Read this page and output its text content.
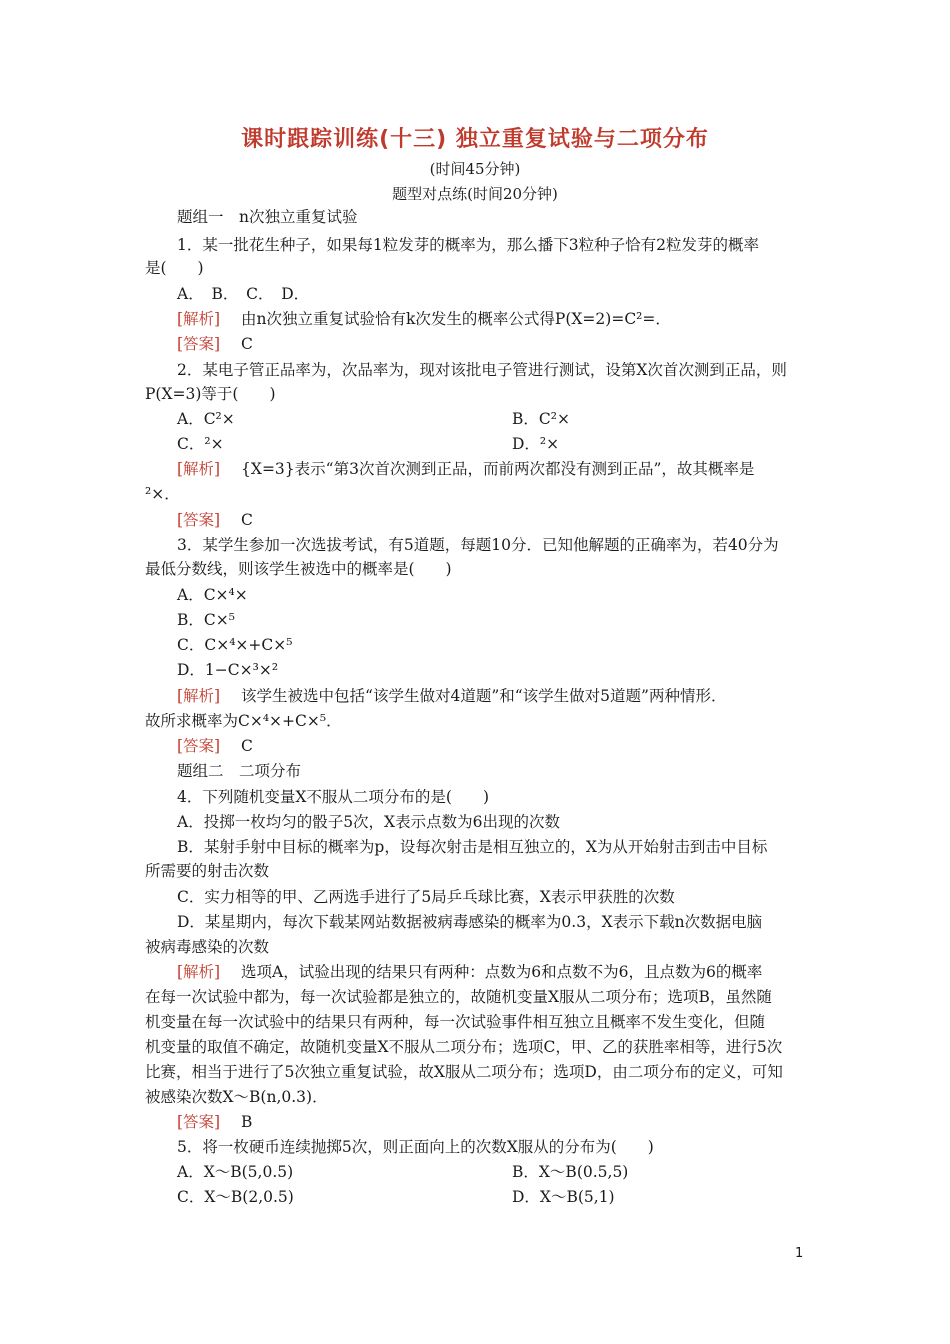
课时跟踪训练(十三) 独立重复试验与二项分布
(时间45分钟)
题型对点练(时间20分钟)
题组一　n次独立重复试验
1．某一批花生种子，如果每1粒发芽的概率为，那么播下3粒种子恰有2粒发芽的概率
是(　　)
A．　B．　C．　D．
[解析] 由n次独立重复试验恰有k次发生的概率公式得P(X=2)=C²=．
[答案] C
2．某电子管正品率为，次品率为，现对该批电子管进行测试，设第X次首次测到正品，则
P(X=3)等于(　　)
A．C²×	B．C²×
C．²×	D．²×
[解析] {X=3}表示“第3次首次测到正品，而前两次都没有测到正品”，故其概率是
²×．
[答案] C
3．某学生参加一次选拔考试，有5道题，每题10分．已知他解题的正确率为，若40分为
最低分数线，则该学生被选中的概率是(　　)
A．C×⁴×
B．C×⁵
C．C×⁴×+C×⁵
D．1−C×³×²
[解析] 该学生被选中包括“该学生做对4道题”和“该学生做对5道题”两种情形．
故所求概率为C×⁴×+C×⁵．
[答案] C
题组二　二项分布
4．下列随机变量X不服从二项分布的是(　　)
A．投掷一枚均匀的骰子5次，X表示点数为6出现的次数
B．某射手射中目标的概率为p，设每次射击是相互独立的，X为从开始射击到击中目标
所需要的射击次数
C．实力相等的甲、乙两选手进行了5局乒乓球比赛，X表示甲获胜的次数
D．某星期内，每次下载某网站数据被病毒感染的概率为0.3，X表示下载n次数据电脑
被病毒感染的次数
[解析] 选项A，试验出现的结果只有两种：点数为6和点数不为6，且点数为6的概率
在每一次试验中都为，每一次试验都是独立的，故随机变量X服从二项分布；选项B，虽然随
机变量在每一次试验中的结果只有两种，每一次试验事件相互独立且概率不发生变化，但随
机变量的取值不确定，故随机变量X不服从二项分布；选项C，甲、乙的获胜率相等，进行5次
比赛，相当于进行了5次独立重复试验，故X服从二项分布；选项D，由二项分布的定义，可知
被感染次数X～B(n,0.3)．
[答案] B
5．将一枚硬币连续抛掷5次，则正面向上的次数X服从的分布为(　　)
A．X～B(5,0.5)	B．X～B(0.5,5)
C．X～B(2,0.5)	D．X～B(5,1)
1
